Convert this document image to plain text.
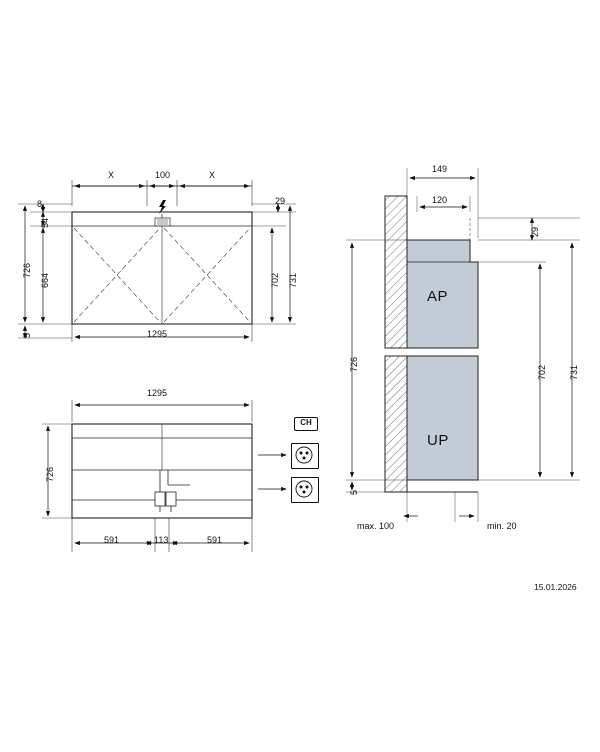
X	100	X
1295
8
54
664
726
5
29
702 731
1295
726
591	113	591
CH
149
120
AP
UP
726
5
29
702 731
max. 100	min. 20
15.01.2026
